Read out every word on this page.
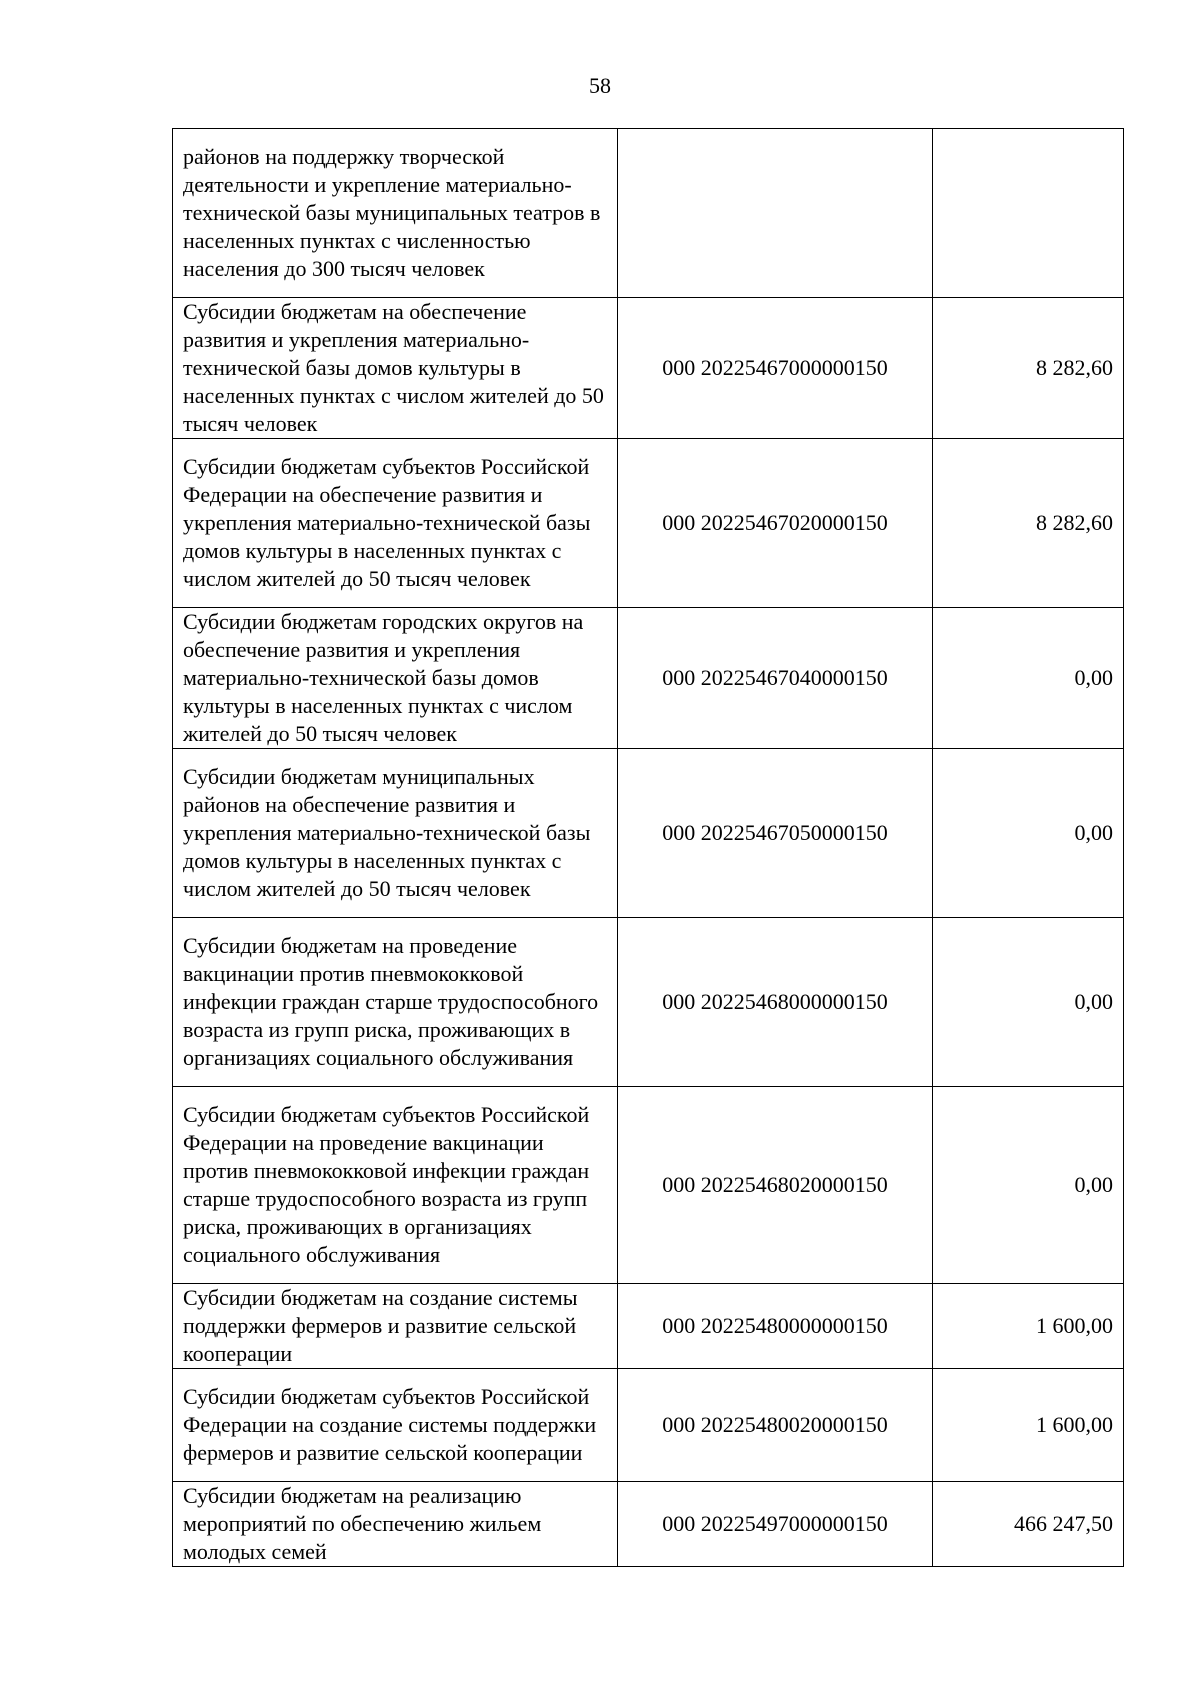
58
районов на поддержку творческой деятельности и укрепление материально-технической базы муниципальных театров в населенных пунктах с численностью населения до 300 тысяч человек		
Субсидии бюджетам на обеспечение развития и укрепления материально-технической базы домов культуры в населенных пунктах с числом жителей до 50 тысяч человек	000 20225467000000150	8 282,60
Субсидии бюджетам субъектов Российской Федерации на обеспечение развития и укрепления материально-технической базы домов культуры в населенных пунктах с числом жителей до 50 тысяч человек	000 20225467020000150	8 282,60
Субсидии бюджетам городских округов на обеспечение развития и укрепления материально-технической базы домов культуры в населенных пунктах с числом жителей до 50 тысяч человек	000 20225467040000150	0,00
Субсидии бюджетам муниципальных районов на обеспечение развития и укрепления материально-технической базы домов культуры в населенных пунктах с числом жителей до 50 тысяч человек	000 20225467050000150	0,00
Субсидии бюджетам на проведение вакцинации против пневмококковой инфекции граждан старше трудоспособного возраста из групп риска, проживающих в организациях социального обслуживания	000 20225468000000150	0,00
Субсидии бюджетам субъектов Российской Федерации на проведение вакцинации против пневмококковой инфекции граждан старше трудоспособного возраста из групп риска, проживающих в организациях социального обслуживания	000 20225468020000150	0,00
Субсидии бюджетам на создание системы поддержки фермеров и развитие сельской кооперации	000 20225480000000150	1 600,00
Субсидии бюджетам субъектов Российской Федерации на создание системы поддержки фермеров и развитие сельской кооперации	000 20225480020000150	1 600,00
Субсидии бюджетам на реализацию мероприятий по обеспечению жильем молодых семей	000 20225497000000150	466 247,50
